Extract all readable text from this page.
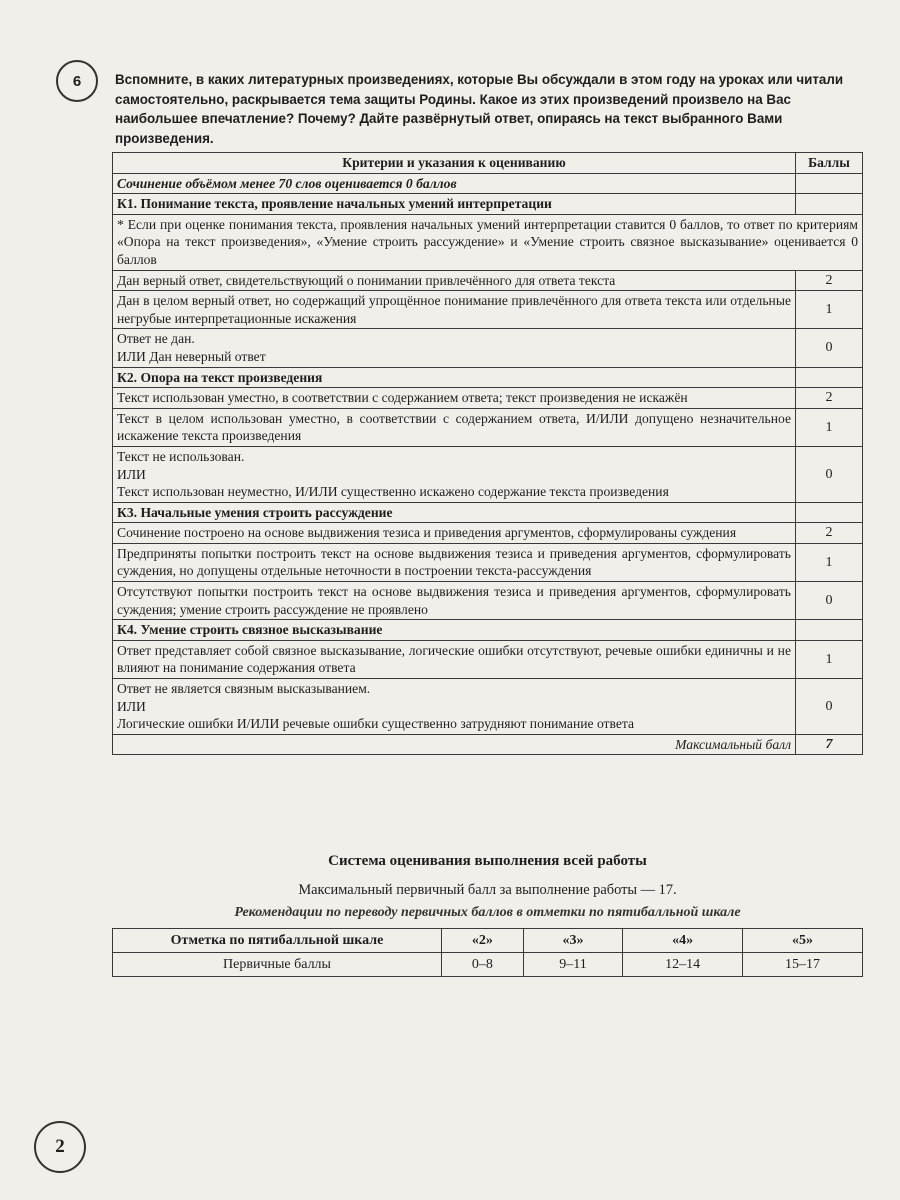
6	Вспомните, в каких литературных произведениях, которые Вы обсуждали в этом году на уроках или читали самостоятельно, раскрывается тема защиты Родины. Какое из этих произведений произвело на Вас наибольшее впечатление? Почему? Дайте развёрнутый ответ, опираясь на текст выбранного Вами произведения.

Критерии и указания к оцениванию	Баллы
Сочинение объёмом менее 70 слов оценивается 0 баллов	
К1. Понимание текста, проявление начальных умений интерпретации	
* Если при оценке понимания текста, проявления начальных умений интерпретации ставится 0 баллов, то ответ по критериям «Опора на текст произведения», «Умение строить рассуждение» и «Умение строить связное высказывание» оценивается 0 баллов	
Дан верный ответ, свидетельствующий о понимании привлечённого для ответа текста	2
Дан в целом верный ответ, но содержащий упрощённое понимание привлечённого для ответа текста или отдельные негрубые интерпретационные искажения	1

Ответ не дан.
ИЛИ Дан неверный ответ	0
К2. Опора на текст произведения	
Текст использован уместно, в соответствии с содержанием ответа; текст произведения не искажён	2
Текст в целом использован уместно, в соответствии с содержанием ответа, И/ИЛИ допущено незначительное искажение текста произведения	1

Текст не использован.
ИЛИ
Текст использован неуместно, И/ИЛИ существенно искажено содержание текста произведения	0
К3. Начальные умения строить рассуждение	
Сочинение построено на основе выдвижения тезиса и приведения аргументов, сформулированы суждения	2
Предприняты попытки построить текст на основе выдвижения тезиса и приведения аргументов, сформулировать суждения, но допущены отдельные неточности в построении текста-рассуждения	1
Отсутствуют попытки построить текст на основе выдвижения тезиса и приведения аргументов, сформулировать суждения; умение строить рассуждение не проявлено	0
К4. Умение строить связное высказывание	
Ответ представляет собой связное высказывание, логические ошибки отсутствуют, речевые ошибки единичны и не влияют на понимание содержания ответа	1

Ответ не является связным высказыванием.
ИЛИ
Логические ошибки И/ИЛИ речевые ошибки существенно затрудняют понимание ответа	0
Максимальный балл	7

Система оценивания выполнения всей работы

Максимальный первичный балл за выполнение работы — 17.

Рекомендации по переводу первичных баллов в отметки по пятибалльной шкале

Отметка по пятибалльной шкале	«2»	«3»	«4»	«5»
Первичные баллы	0–8	9–11	12–14	15–17
2
